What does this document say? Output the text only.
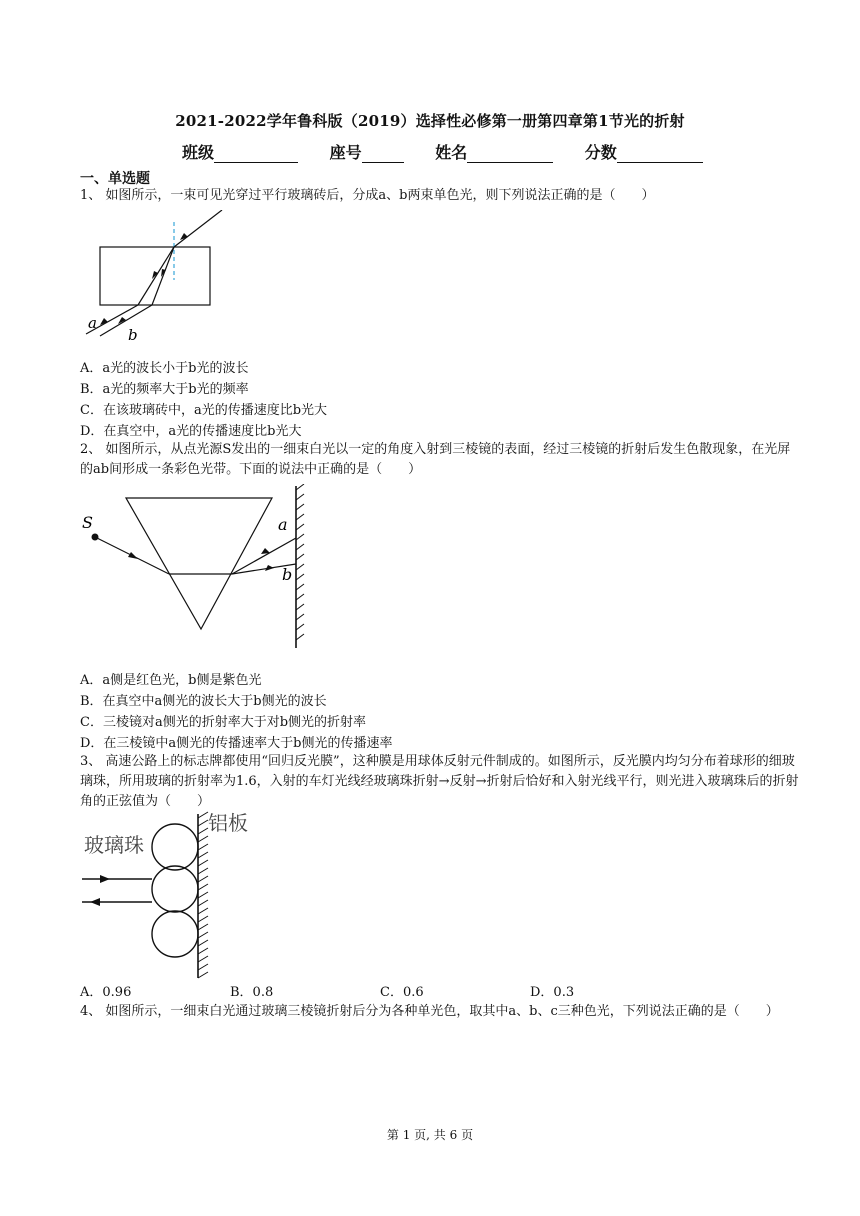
2021-2022学年鲁科版（2019）选择性必修第一册第四章第1节光的折射
班级	座号	姓名	分数
一、单选题
1、 如图所示，一束可见光穿过平行玻璃砖后，分成a、b两束单色光，则下列说法正确的是（　　）
a
b
A．a光的波长小于b光的波长
B．a光的频率大于b光的频率
C．在该玻璃砖中，a光的传播速度比b光大
D．在真空中，a光的传播速度比b光大
2、 如图所示，从点光源S发出的一细束白光以一定的角度入射到三棱镜的表面，经过三棱镜的折射后发生色散现象，在光屏的ab间形成一条彩色光带。下面的说法中正确的是（　　）
S	a
b
A．a侧是红色光，b侧是紫色光
B．在真空中a侧光的波长大于b侧光的波长
C．三棱镜对a侧光的折射率大于对b侧光的折射率
D．在三棱镜中a侧光的传播速率大于b侧光的传播速率
3、 高速公路上的标志牌都使用“回归反光膜”，这种膜是用球体反射元件制成的。如图所示，反光膜内均匀分布着球形的细玻璃珠，所用玻璃的折射率为1.6，入射的车灯光线经玻璃珠折射→反射→折射后恰好和入射光线平行，则光进入玻璃珠后的折射角的正弦值为（　　）
玻璃珠
铝板
A．0.96	B．0.8	C．0.6	D．0.3
4、 如图所示，一细束白光通过玻璃三棱镜折射后分为各种单光色，取其中a、b、c三种色光，下列说法正确的是（　　）
第 1 页, 共 6 页
